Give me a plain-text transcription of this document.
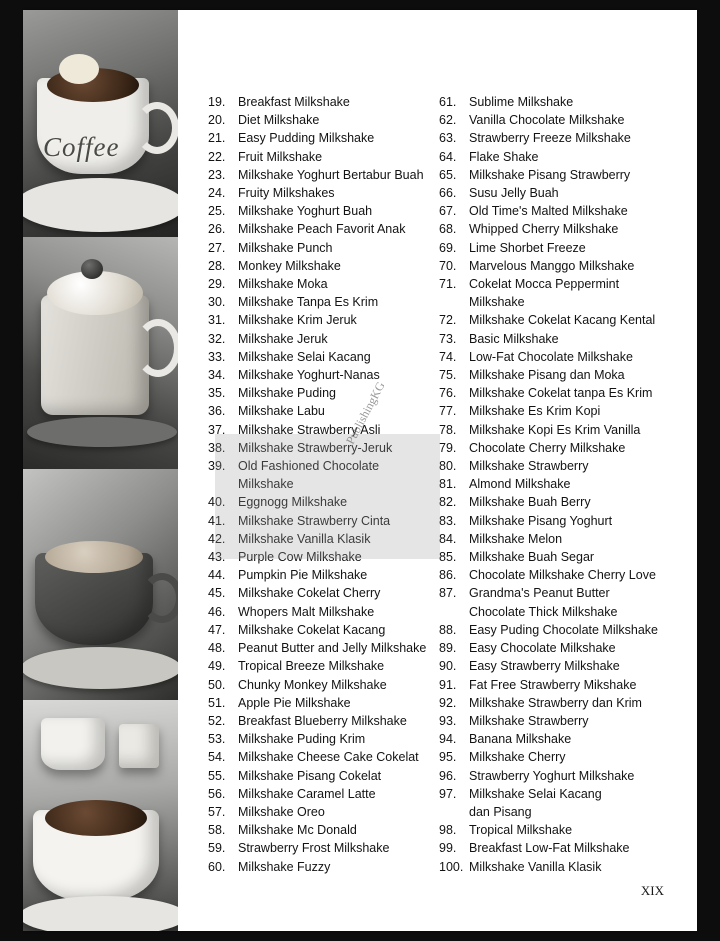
Coffee
19.	Breakfast Milkshake
20.	Diet Milkshake
21.	Easy Pudding Milkshake
22.	Fruit Milkshake
23.	Milkshake Yoghurt Bertabur Buah
24.	Fruity Milkshakes
25.	Milkshake Yoghurt Buah
26.	Milkshake Peach Favorit Anak
27.	Milkshake Punch
28.	Monkey Milkshake
29.	Milkshake Moka
30.	Milkshake Tanpa Es Krim
31.	Milkshake Krim Jeruk
32.	Milkshake Jeruk
33.	Milkshake Selai Kacang
34.	Milkshake Yoghurt-Nanas
35.	Milkshake Puding
36.	Milkshake Labu
37.	Milkshake Strawberry Asli
38.	Milkshake Strawberry-Jeruk
39.	Old Fashioned Chocolate
Milkshake
40.	Eggnogg Milkshake
41.	Milkshake Strawberry Cinta
42.	Milkshake Vanilla Klasik
43.	Purple Cow Milkshake
44.	Pumpkin Pie Milkshake
45.	Milkshake Cokelat Cherry
46.	Whopers Malt Milkshake
47.	Milkshake Cokelat Kacang
48.	Peanut Butter and Jelly Milkshake
49.	Tropical Breeze Milkshake
50.	Chunky Monkey Milkshake
51.	Apple Pie Milkshake
52.	Breakfast Blueberry Milkshake
53.	Milkshake Puding Krim
54.	Milkshake Cheese Cake Cokelat
55.	Milkshake Pisang Cokelat
56.	Milkshake Caramel Latte
57.	Milkshake Oreo
58.	Milkshake Mc Donald
59.	Strawberry Frost Milkshake
60.	Milkshake Fuzzy
61.	Sublime Milkshake
62.	Vanilla Chocolate Milkshake
63.	Strawberry Freeze Milkshake
64.	Flake Shake
65.	Milkshake Pisang Strawberry
66.	Susu Jelly Buah
67.	Old Time's Malted Milkshake
68.	Whipped Cherry Milkshake
69.	Lime Shorbet Freeze
70.	Marvelous Manggo Milkshake
71.	Cokelat Mocca Peppermint
Milkshake
72.	Milkshake Cokelat Kacang Kental
73.	Basic Milkshake
74.	Low-Fat Chocolate Milkshake
75.	Milkshake Pisang dan Moka
76.	Milkshake Cokelat tanpa Es Krim
77.	Milkshake Es Krim Kopi
78.	Milkshake Kopi Es Krim Vanilla
79.	Chocolate Cherry Milkshake
80.	Milkshake Strawberry
81.	Almond Milkshake
82.	Milkshake Buah Berry
83.	Milkshake Pisang Yoghurt
84.	Milkshake Melon
85.	Milkshake Buah Segar
86.	Chocolate Milkshake Cherry Love
87.	Grandma's Peanut Butter
Chocolate Thick Milkshake
88.	Easy Puding Chocolate Milkshake
89.	Easy Chocolate Milkshake
90.	Easy Strawberry Milkshake
91.	Fat Free Strawberry Mikshake
92.	Milkshake Strawberry dan Krim
93.	Milkshake Strawberry
94.	Banana Milkshake
95.	Milkshake Cherry
96.	Strawberry Yoghurt Milkshake
97.	Milkshake Selai Kacang
dan Pisang
98.	Tropical Milkshake
99.	Breakfast Low-Fat Milkshake
100. Milkshake Vanilla Klasik
PublishingKG
XIX
